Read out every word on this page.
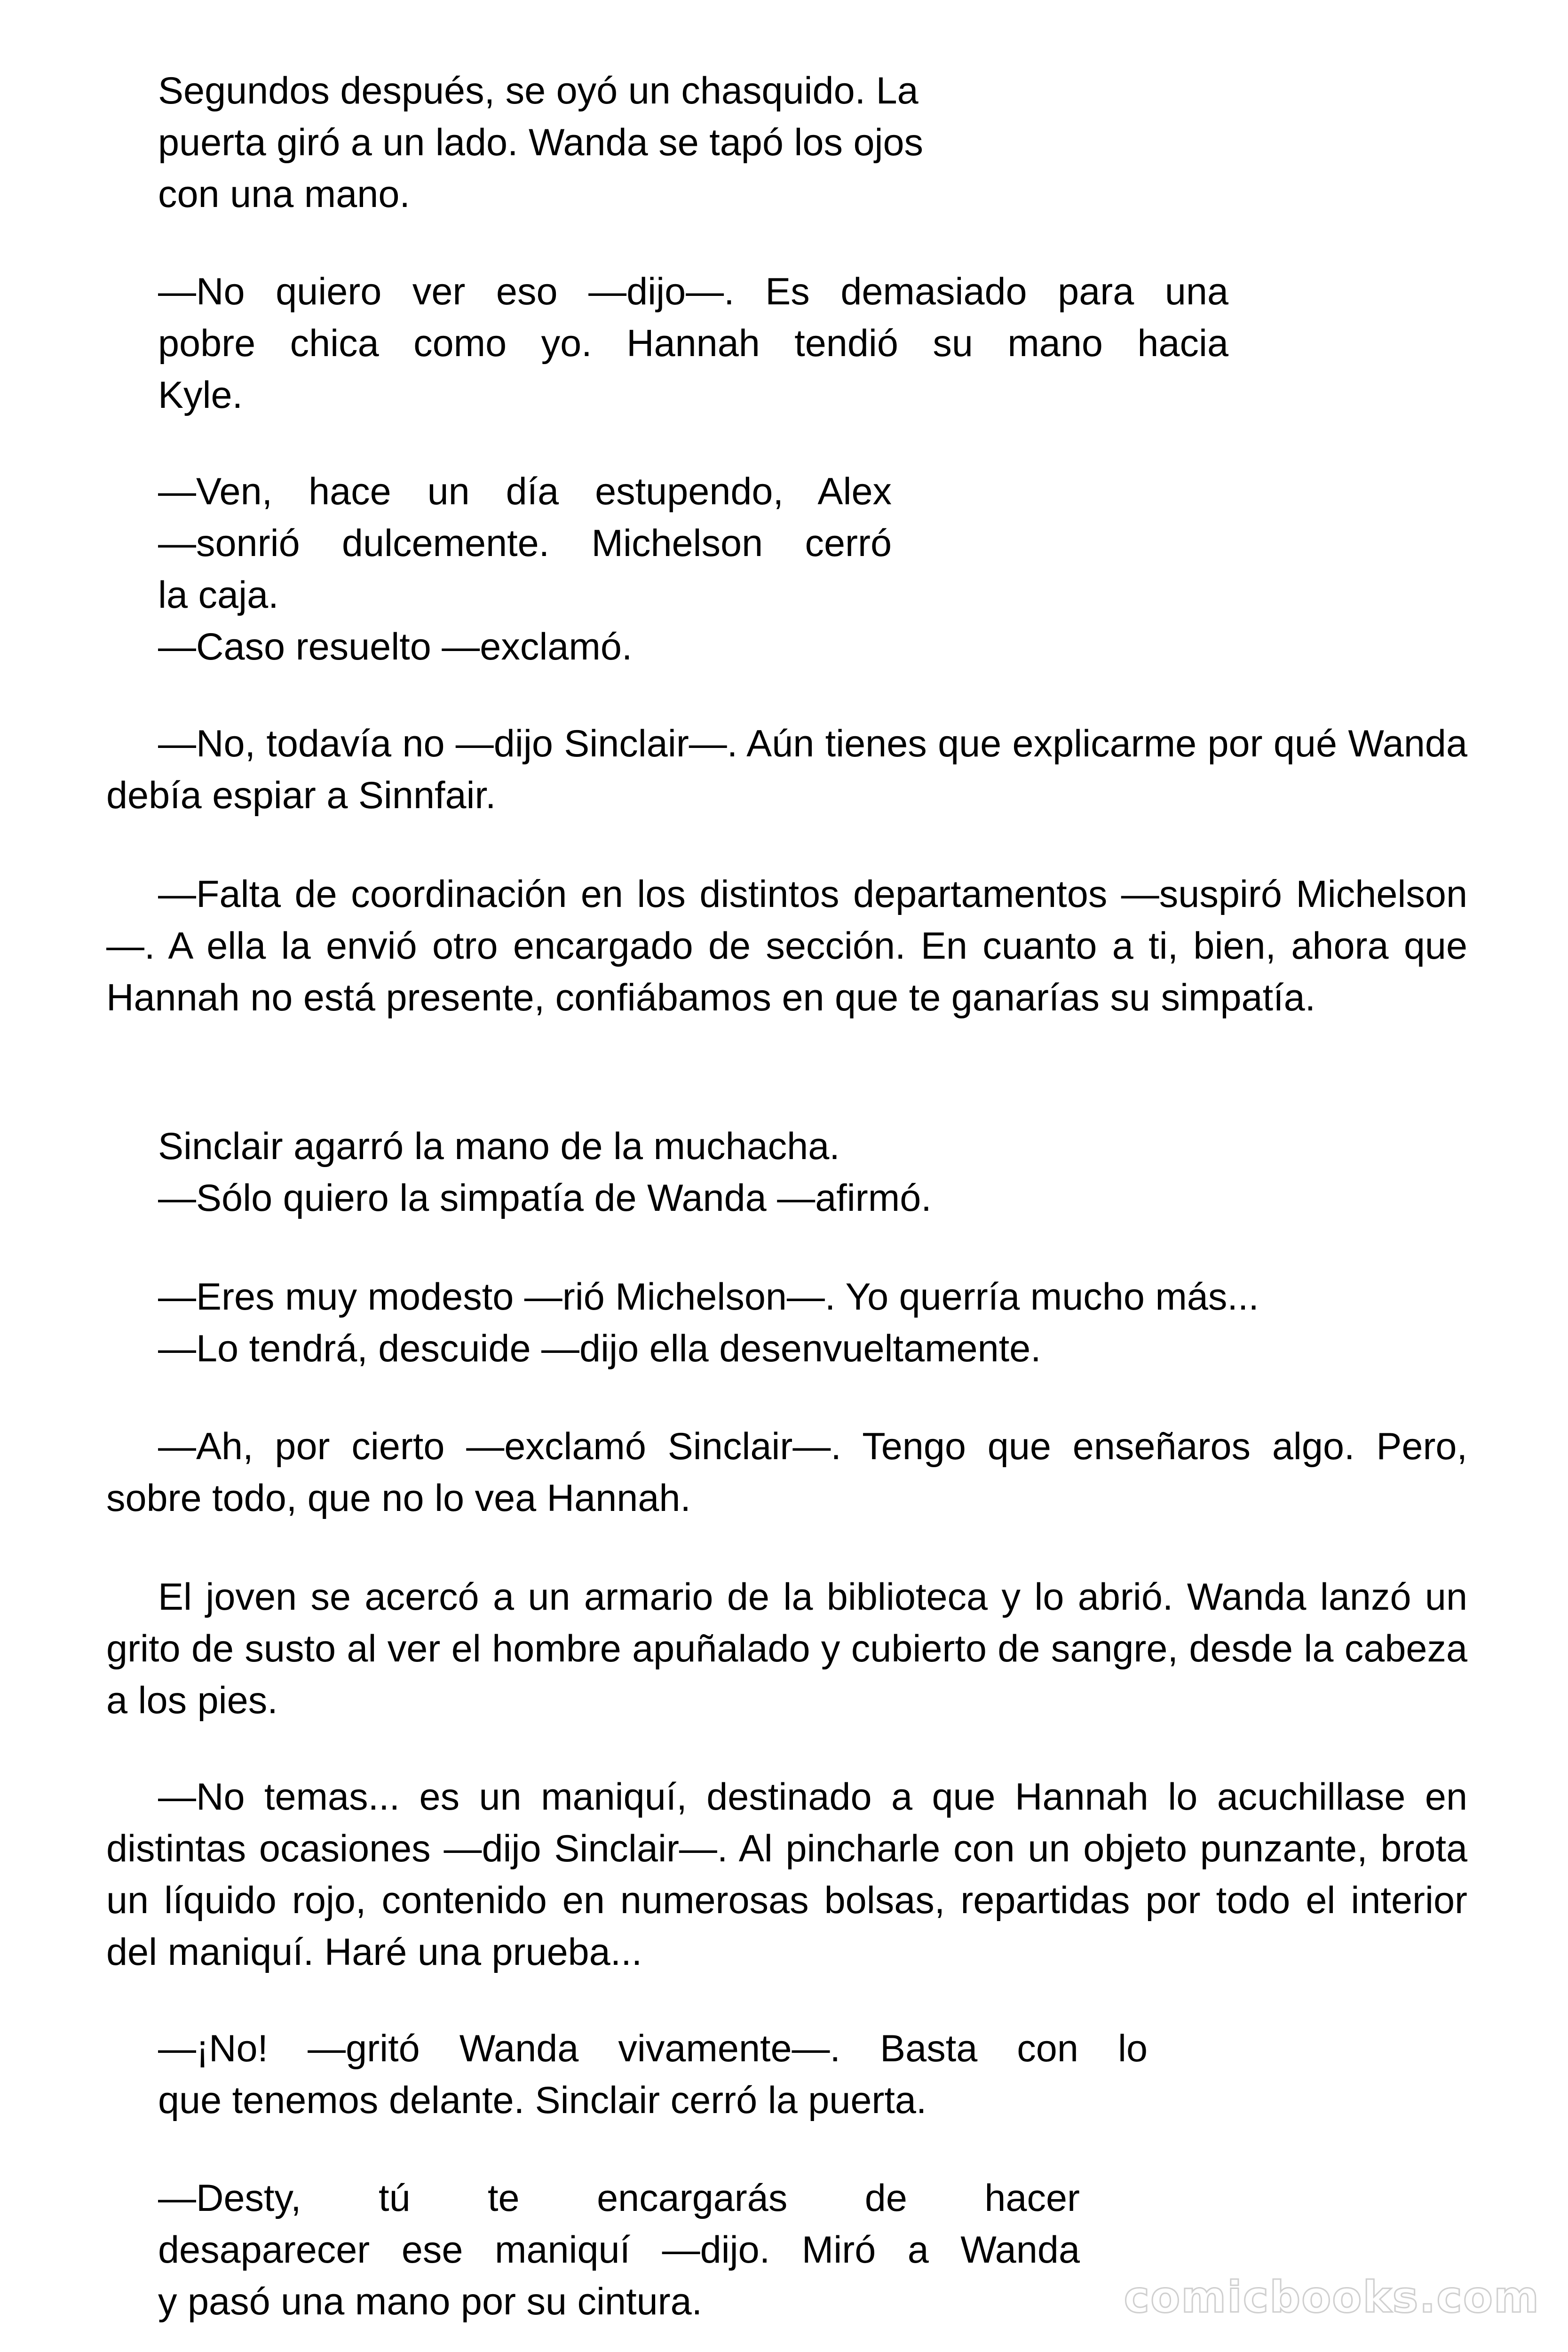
Segundos después, se oyó un chasquido. La
puerta giró a un lado. Wanda se tapó los ojos
con una mano.
—No quiero ver eso —dijo—. Es demasiado para una
pobre chica como yo. Hannah tendió su mano hacia
Kyle.
—Ven, hace un día estupendo, Alex
—sonrió dulcemente. Michelson cerró
la caja.
—Caso resuelto —exclamó.

—No, todavía no —dijo Sinclair—. Aún tienes que explicarme por qué Wanda debía espiar a Sinnfair.

—Falta de coordinación en los distintos departamentos —suspiró Michelson—. A ella la envió otro encargado de sección. En cuanto a ti, bien, ahora que Hannah no está presente, confiábamos en que te ganarías su simpatía.

Sinclair agarró la mano de la muchacha.
—Sólo quiero la simpatía de Wanda —afirmó.
—Eres muy modesto —rió Michelson—. Yo querría mucho más...
—Lo tendrá, descuide —dijo ella desenvueltamente.

—Ah, por cierto —exclamó Sinclair—. Tengo que enseñaros algo. Pero, sobre todo, que no lo vea Hannah.

El joven se acercó a un armario de la biblioteca y lo abrió. Wanda lanzó un grito de susto al ver el hombre apuñalado y cubierto de sangre, desde la cabeza a los pies.

—No temas... es un maniquí, destinado a que Hannah lo acuchillase en distintas ocasiones —dijo Sinclair—. Al pincharle con un objeto punzante, brota un líquido rojo, contenido en numerosas bolsas, repartidas por todo el interior del maniquí. Haré una prueba...

—¡No! —gritó Wanda vivamente—. Basta con lo
que tenemos delante. Sinclair cerró la puerta.
—Desty, tú te encargarás de hacer
desaparecer ese maniquí —dijo. Miró a Wanda
y pasó una mano por su cintura.	comicbooks.com
